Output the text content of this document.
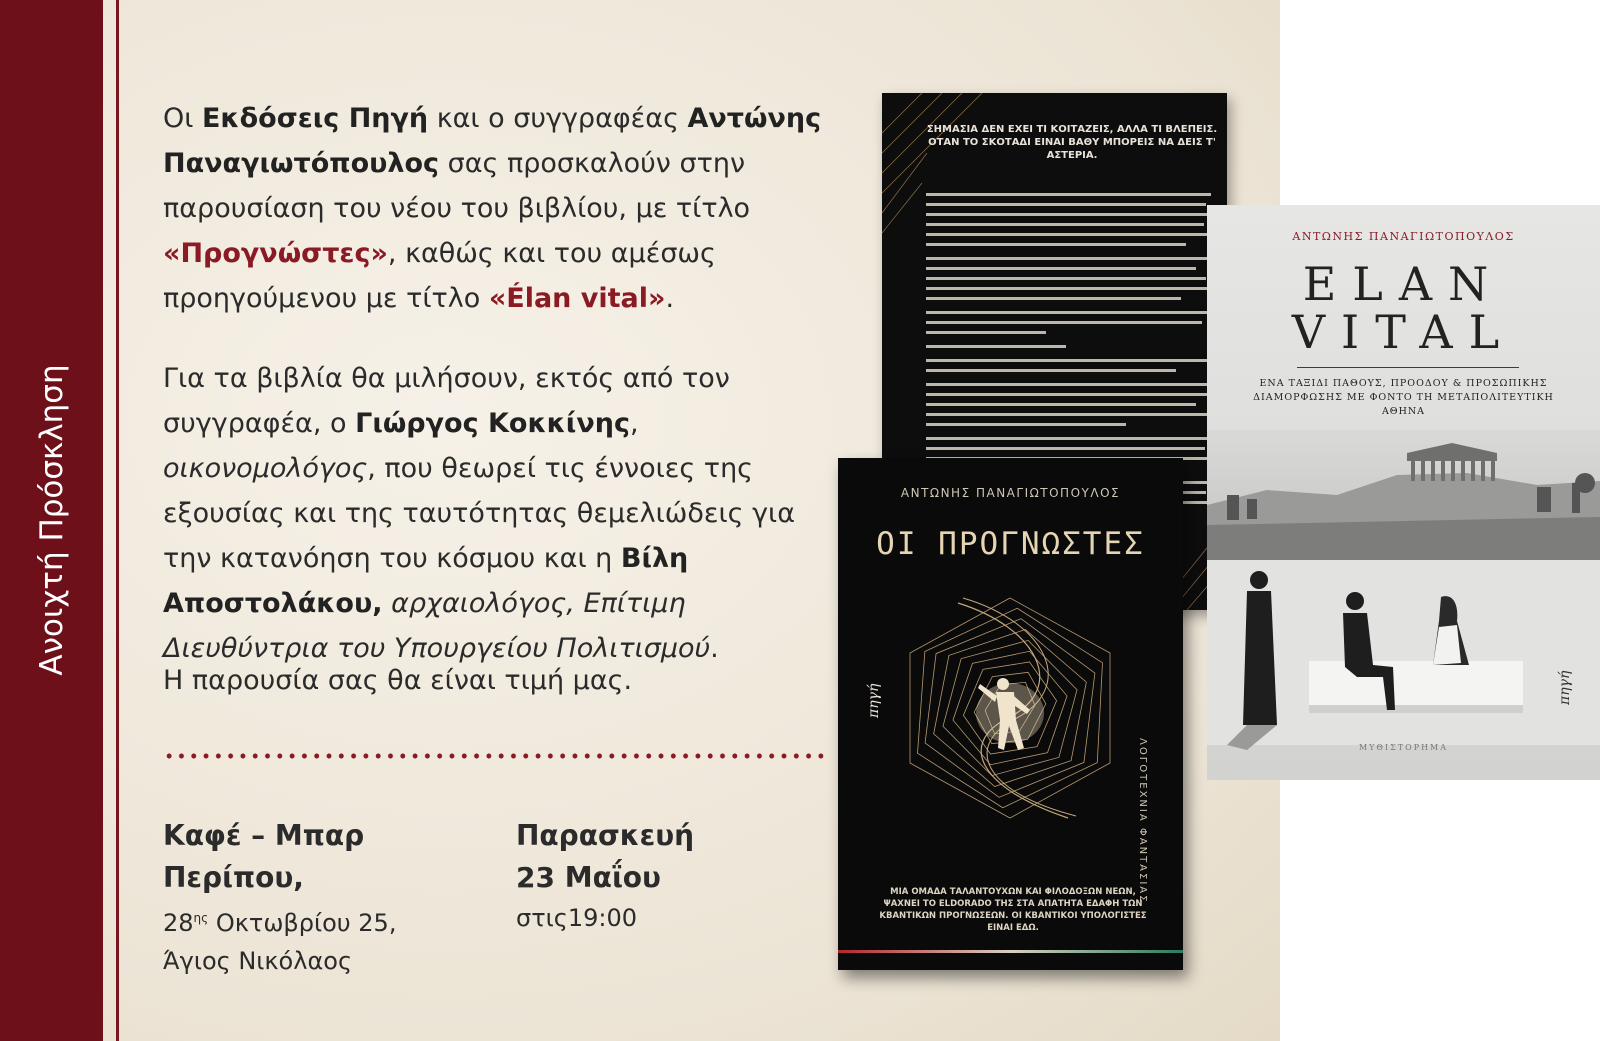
Ανοιχτή Πρόσκληση

Οι Εκδόσεις Πηγή και ο συγγραφέας Αντώνης Παναγιωτόπουλος σας προσκαλούν στην παρουσίαση του νέου του βιβλίου, με τίτλο «Προγνώστες», καθώς και του αμέσως προηγούμενου με τίτλο «Élan vital».

Για τα βιβλία θα μιλήσουν, εκτός από τον συγγραφέα, ο Γιώργος Κοκκίνης, οικονομολόγος, που θεωρεί τις έννοιες της εξουσίας και της ταυτότητας θεμελιώδεις για την κατανόηση του κόσμου και η Βίλη Αποστολάκου, αρχαιολόγος, Επίτιμη Διευθύντρια του Υπουργείου Πολιτισμού.

Η παρουσία σας θα είναι τιμή μας.

Καφέ – Μπαρ
Περίπου,
$28^{\eta\varsigma}$ Οκτωβρίου 25,
Άγιος Νικόλαος
Παρασκευή
23 Μαΐου
στις19:00
ΣΗΜΑΣΙΑ ΔΕΝ ΕΧΕΙ ΤΙ ΚΟΙΤΑΖΕΙΣ, ΑΛΛΑ ΤΙ ΒΛΕΠΕΙΣ. ΟΤΑΝ ΤΟ ΣΚΟΤΑΔΙ ΕΙΝΑΙ ΒΑΘΥ ΜΠΟΡΕΙΣ ΝΑ ΔΕΙΣ Τ' ΑΣΤΕΡΙΑ.
ΑΝΤΩΝΗΣ ΠΑΝΑΓΙΩΤΟΠΟΥΛΟΣ
ΟΙ ΠΡΟΓΝΩΣΤΕΣ
ΛΟΓΟΤΕΧΝΙΑ ΦΑΝΤΑΣΙΑΣ
πηγή
ΜΙΑ ΟΜΑΔΑ ΤΑΛΑΝΤΟΥΧΩΝ ΚΑΙ ΦΙΛΟΔΟΞΩΝ ΝΕΩΝ, ΨΑΧΝΕΙ ΤΟ ELDORADO ΤΗΣ ΣΤΑ ΑΠΑΤΗΤΑ ΕΔΑΦΗ ΤΩΝ ΚΒΑΝΤΙΚΩΝ ΠΡΟΓΝΩΣΕΩΝ. ΟΙ ΚΒΑΝΤΙΚΟΙ ΥΠΟΛΟΓΙΣΤΕΣ ΕΙΝΑΙ ΕΔΩ.
ΑΝΤΩΝΗΣ ΠΑΝΑΓΙΩΤΟΠΟΥΛΟΣ
ELAN
VITAL
ΕΝΑ ΤΑΞΙΔΙ ΠΑΘΟΥΣ, ΠΡΟΟΔΟΥ & ΠΡΟΣΩΠΙΚΗΣ ΔΙΑΜΟΡΦΩΣΗΣ ΜΕ ΦΟΝΤΟ ΤΗ ΜΕΤΑΠΟΛΙΤΕΥΤΙΚΗ ΑΘΗΝΑ
πηγή
ΜΥΘΙΣΤΟΡΗΜΑ
